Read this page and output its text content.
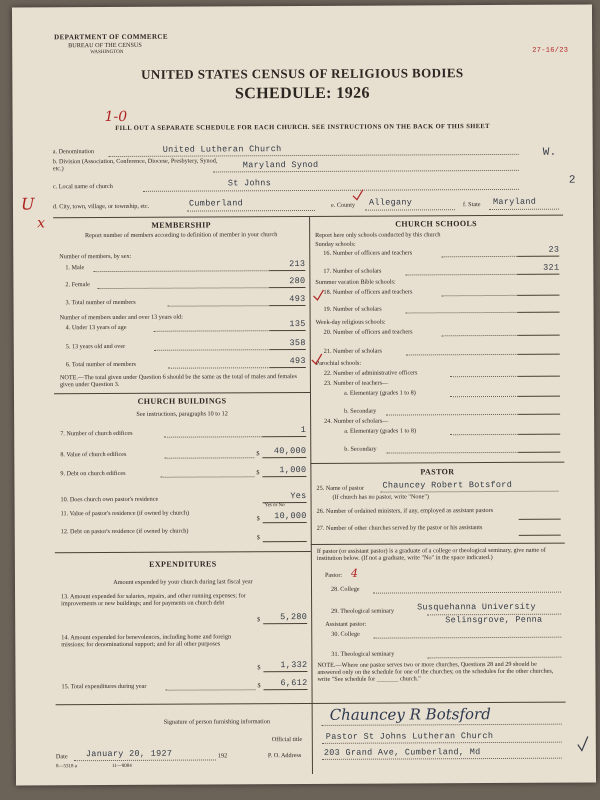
DEPARTMENT OF COMMERCE
BUREAU OF THE CENSUS
WASHINGTON	27-16/23
UNITED STATES CENSUS OF RELIGIOUS BODIES
SCHEDULE: 1926
FILL OUT A SEPARATE SCHEDULE FOR EACH CHURCH. SEE INSTRUCTIONS ON THE BACK OF THIS SHEET
1-0
U
x
W.
2
a. Denomination	United Lutheran Church
b. Division (Association, Conference, Diocese, Presbytery, Synod, etc.)	Maryland Synod
c. Local name of church	St Johns
d. City, town, village, or township, etc.	Cumberland	e. County Allegany	f. State Maryland
MEMBERSHIP
Report number of members according to definition of member in your church
Number of members, by sex:
1. Male	213
2. Female	280
3. Total number of members	493
Number of members under and over 13 years old:
4. Under 13 years of age	135
5. 13 years old and over	358
6. Total number of members	493
NOTE.—The total given under Question 6 should be the same as the total of males and females given under Question 3.
CHURCH BUILDINGS
See instructions, paragraphs 10 to 12
7. Number of church edifices	1
8. Value of church edifices	$	40,000
9. Debt on church edifices	$	1,000
10. Does church own pastor's residence	Yes
Yes or No
11. Value of pastor's residence (if owned by church)
$	10,000
12. Debt on pastor's residence (if owned by church)
$
EXPENDITURES
Amount expended by your church during last fiscal year
13. Amount expended for salaries, repairs, and other running expenses; for improvements or new buildings; and for payments on church debt
$	5,280
14. Amount expended for benevolences, including home and foreign missions; for denominational support; and for all other purposes
$	1,332
15. Total expenditures during year	$	6,612
CHURCH SCHOOLS
Report here only schools conducted by this church
Sunday schools:
16. Number of officers and teachers	23
17. Number of scholars	321
Summer vacation Bible schools:
18. Number of officers and teachers
19. Number of scholars
Week-day religious schools:
20. Number of officers and teachers
21. Number of scholars
Parochial schools:
22. Number of administrative officers
23. Number of teachers—
a. Elementary (grades 1 to 8)
b. Secondary
24. Number of scholars—
a. Elementary (grades 1 to 8)
b. Secondary
PASTOR
25. Name of pastor Chauncey Robert Botsford
(If church has no pastor, write "None")
26. Number of ordained ministers, if any, employed as assistant pastors
27. Number of other churches served by the pastor or his assistants
If pastor (or assistant pastor) is a graduate of a college or theological seminary, give name of institution below. (If not a graduate, write "No" in the space indicated.)
Pastor: 4
28. College
29. Theological seminary	Susquehanna University
Selinsgrove, Penna
Assistant pastor:
30. College
31. Theological seminary
NOTE.—Where one pastor serves two or more churches, Questions 28 and 29 should be answered only on the schedule for one of the churches; on the schedules for the other churches, write "See schedule for _______ church."
Signature of person furnishing information	Chauncey R Botsford
Official title	Pastor St Johns Lutheran Church
Date January 20, 1927	192	P. O. Address	203 Grand Ave, Cumberland, Md
8—5318 a	11—9084
